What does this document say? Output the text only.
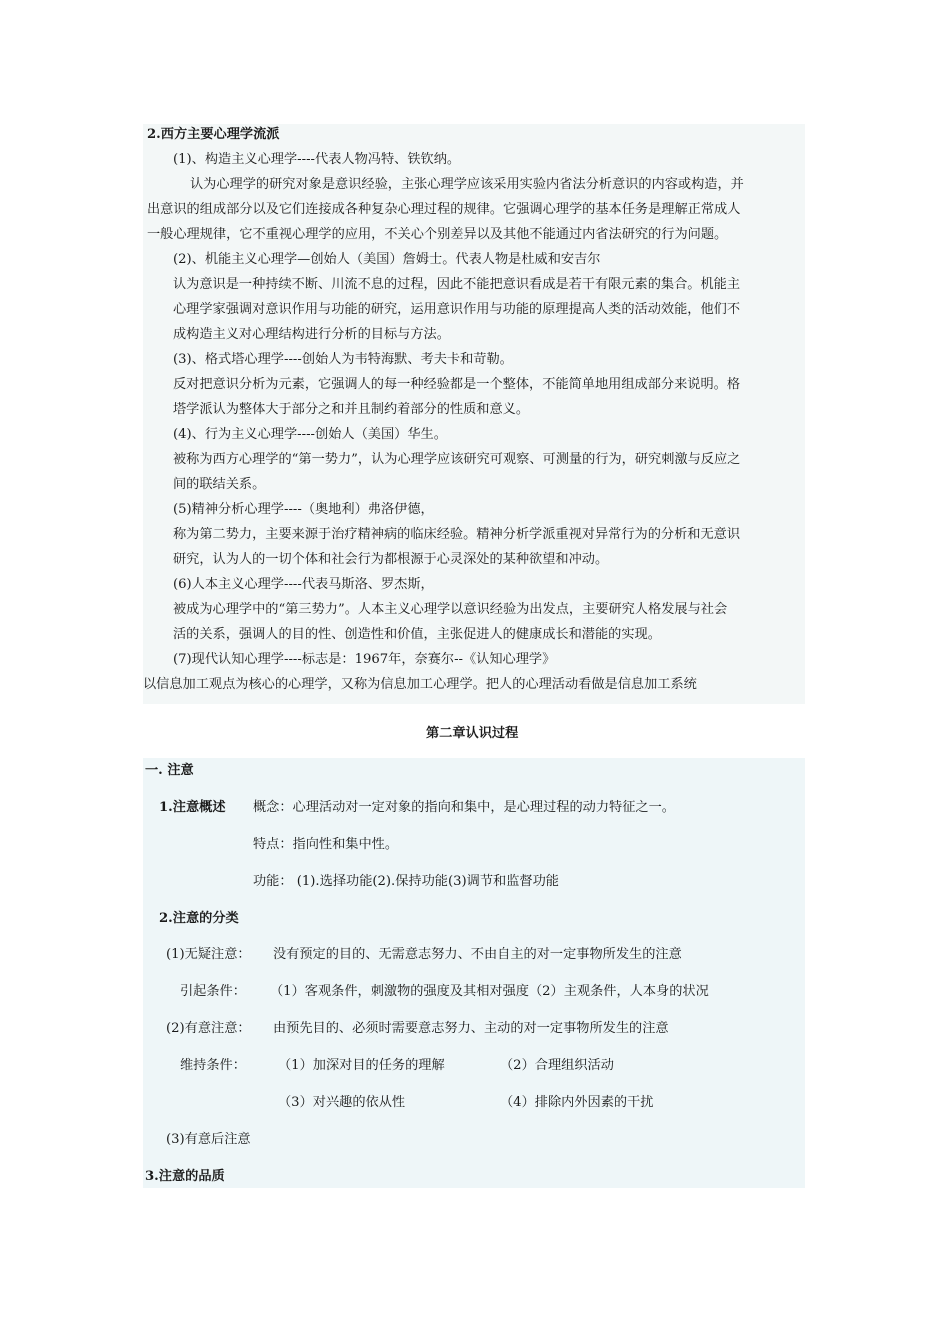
2.西方主要心理学流派
(1)、构造主义心理学----代表人物冯特、铁钦纳。
认为心理学的研究对象是意识经验，主张心理学应该采用实验内省法分析意识的内容或构造，并
出意识的组成部分以及它们连接成各种复杂心理过程的规律。它强调心理学的基本任务是理解正常成人
一般心理规律，它不重视心理学的应用，不关心个别差异以及其他不能通过内省法研究的行为问题。
(2)、机能主义心理学—创始人（美国）詹姆士。代表人物是杜威和安吉尔
认为意识是一种持续不断、川流不息的过程，因此不能把意识看成是若干有限元素的集合。机能主
心理学家强调对意识作用与功能的研究，运用意识作用与功能的原理提高人类的活动效能，他们不
成构造主义对心理结构进行分析的目标与方法。
(3)、格式塔心理学----创始人为韦特海默、考夫卡和苛勒。
反对把意识分析为元素，它强调人的每一种经验都是一个整体，不能简单地用组成部分来说明。格
塔学派认为整体大于部分之和并且制约着部分的性质和意义。
(4)、行为主义心理学----创始人（美国）华生。
被称为西方心理学的“第一势力”，认为心理学应该研究可观察、可测量的行为，研究刺激与反应之
间的联结关系。
(5)精神分析心理学----（奥地利）弗洛伊德，
称为第二势力，主要来源于治疗精神病的临床经验。精神分析学派重视对异常行为的分析和无意识
研究，认为人的一切个体和社会行为都根源于心灵深处的某种欲望和冲动。
(6)人本主义心理学----代表马斯洛、罗杰斯，
被成为心理学中的“第三势力”。人本主义心理学以意识经验为出发点，主要研究人格发展与社会
活的关系，强调人的目的性、创造性和价值，主张促进人的健康成长和潜能的实现。
(7)现代认知心理学----标志是：1967年，奈赛尔--《认知心理学》
以信息加工观点为核心的心理学，又称为信息加工心理学。把人的心理活动看做是信息加工系统
第二章认识过程
一. 注意
1.注意概述 概念：心理活动对一定对象的指向和集中，是心理过程的动力特征之一。
特点：指向性和集中性。
功能： (1).选择功能(2).保持功能(3)调节和监督功能
2.注意的分类
(1)无疑注意： 没有预定的目的、无需意志努力、不由自主的对一定事物所发生的注意
引起条件： （1）客观条件，刺激物的强度及其相对强度（2）主观条件，人本身的状况
(2)有意注意： 由预先目的、必须时需要意志努力、主动的对一定事物所发生的注意
维持条件： （1）加深对目的任务的理解	（2）合理组织活动
（3）对兴趣的依从性	（4）排除内外因素的干扰
(3)有意后注意
3.注意的品质
